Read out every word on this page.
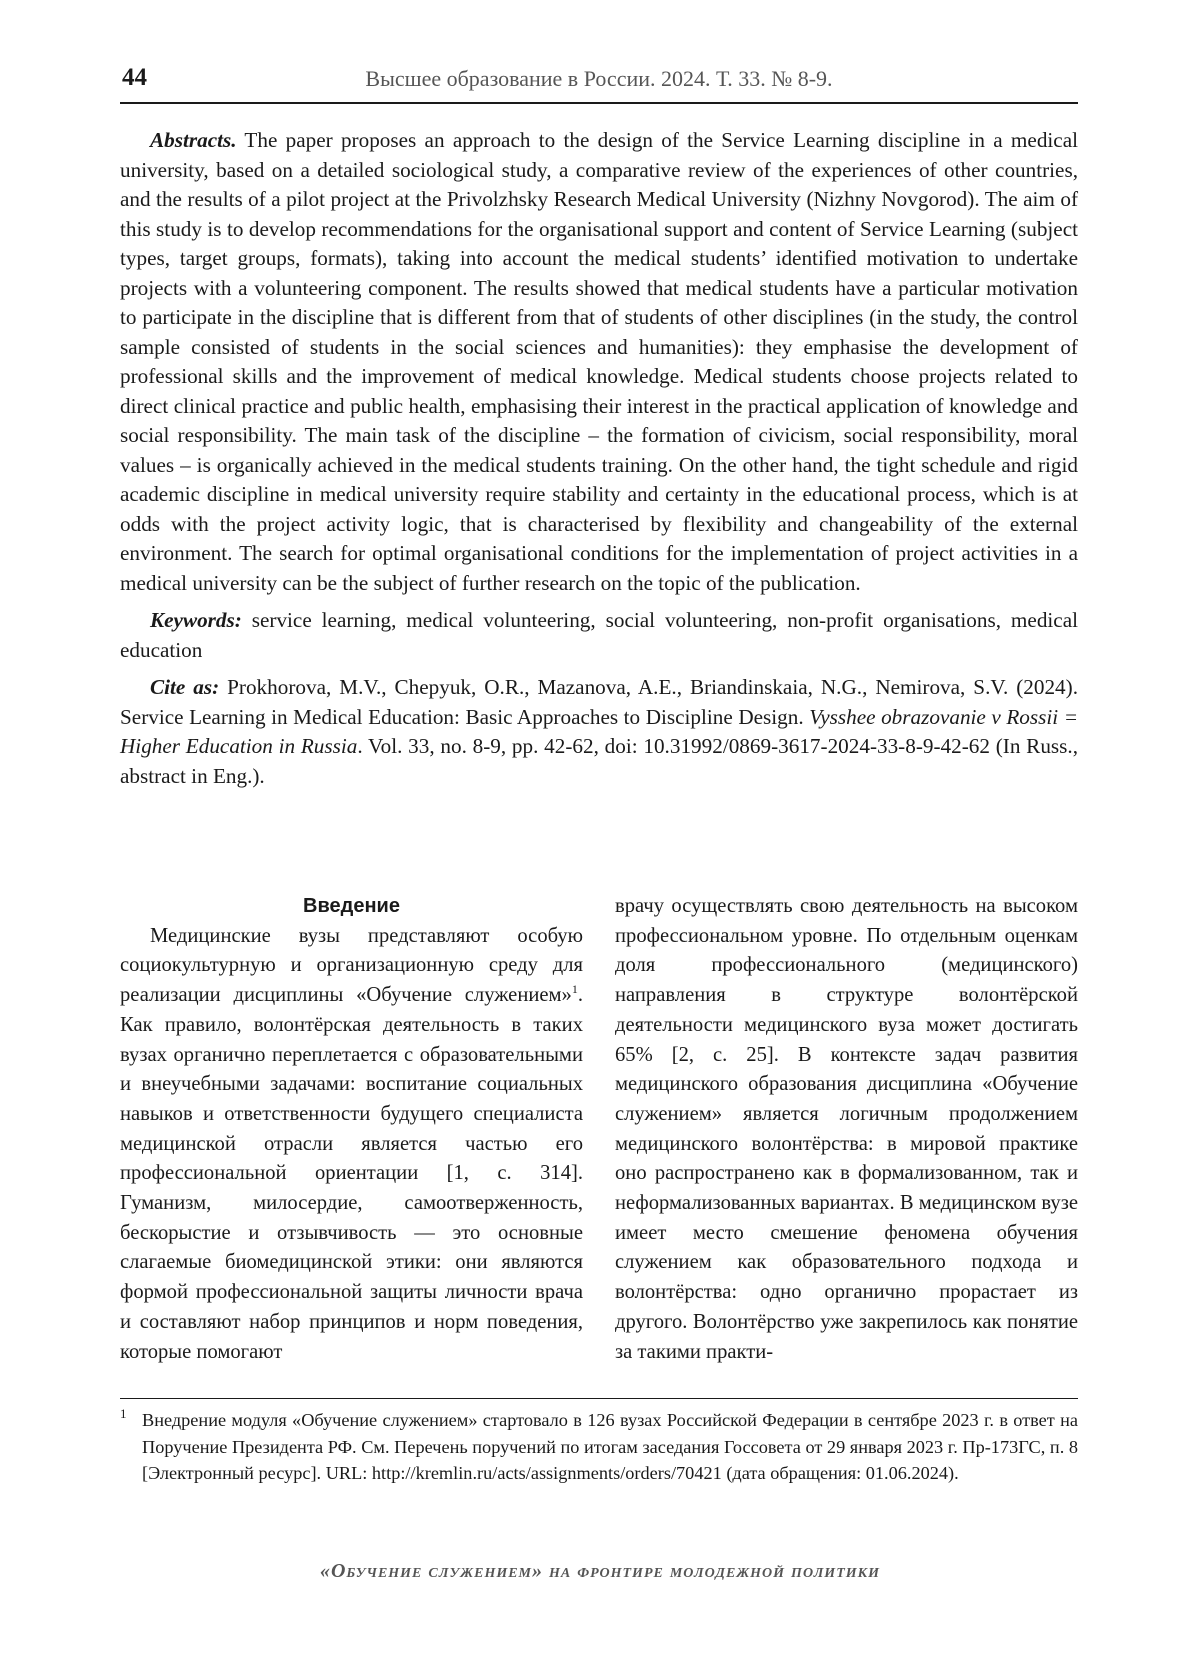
44	Высшее образование в России. 2024. Т. 33. № 8-9.

Abstracts. The paper proposes an approach to the design of the Service Learning discipline in a medical university, based on a detailed sociological study, a comparative review of the experiences of other countries, and the results of a pilot project at the Privolzhsky Research Medical University (Nizhny Novgorod). The aim of this study is to develop recommendations for the organisational support and content of Service Learning (subject types, target groups, formats), taking into account the medical students’ identified motivation to undertake projects with a volunteering component. The results showed that medical students have a particular motivation to participate in the discipline that is different from that of students of other disciplines (in the study, the control sample consisted of students in the social sciences and humanities): they emphasise the development of professional skills and the improvement of medical knowledge. Medical students choose projects related to direct clinical practice and public health, emphasising their interest in the practical application of knowledge and social responsibility. The main task of the discipline – the formation of civicism, social responsibility, moral values – is organically achieved in the medical students training. On the other hand, the tight schedule and rigid academic discipline in medical university require stability and certainty in the educational process, which is at odds with the project activity logic, that is characterised by flexibility and changeability of the external environment. The search for optimal organisational conditions for the implementation of project activities in a medical university can be the subject of further research on the topic of the publication.

Keywords: service learning, medical volunteering, social volunteering, non-profit organisations, medical education

Cite as: Prokhorova, M.V., Chepyuk, O.R., Mazanova, A.E., Briandinskaia, N.G., Nemirova, S.V. (2024). Service Learning in Medical Education: Basic Approaches to Discipline Design. Vysshee obrazovanie v Rossii = Higher Education in Russia. Vol. 33, no. 8-9, pp. 42-62, doi: 10.31992/0869-3617-2024-33-8-9-42-62 (In Russ., abstract in Eng.).

Введение

Медицинские вузы представляют особую социокультурную и организационную среду для реализации дисциплины «Обучение служением»$^1$. Как правило, волонтёрская деятельность в таких вузах органично переплетается с образовательными и внеучебными задачами: воспитание социальных навыков и ответственности будущего специалиста медицинской отрасли является частью его профессиональной ориентации [1, с. 314]. Гуманизм, милосердие, самоотверженность, бескорыстие и отзывчивость — это основные слагаемые биомедицинской этики: они являются формой профессиональной защиты личности врача и составляют набор принципов и норм поведения, которые помогают

врачу осуществлять свою деятельность на высоком профессиональном уровне. По отдельным оценкам доля профессионального (медицинского) направления в структуре волонтёрской деятельности медицинского вуза может достигать 65% [2, с. 25]. В контексте задач развития медицинского образования дисциплина «Обучение служением» является логичным продолжением медицинского волонтёрства: в мировой практике оно распространено как в формализованном, так и неформализованных вариантах. В медицинском вузе имеет место смешение феномена обучения служением как образовательного подхода и волонтёрства: одно органично прорастает из другого. Волонтёрство уже закрепилось как понятие за такими практи-

1 Внедрение модуля «Обучение служением» стартовало в 126 вузах Российской Федерации в сентябре 2023 г. в ответ на Поручение Президента РФ. См. Перечень поручений по итогам заседания Госсовета от 29 января 2023 г. Пр-173ГС, п. 8 [Электронный ресурс]. URL: http://kremlin.ru/acts/assignments/orders/70421 (дата обращения: 01.06.2024).
«Обучение служением» на фронтире молодежной политики
